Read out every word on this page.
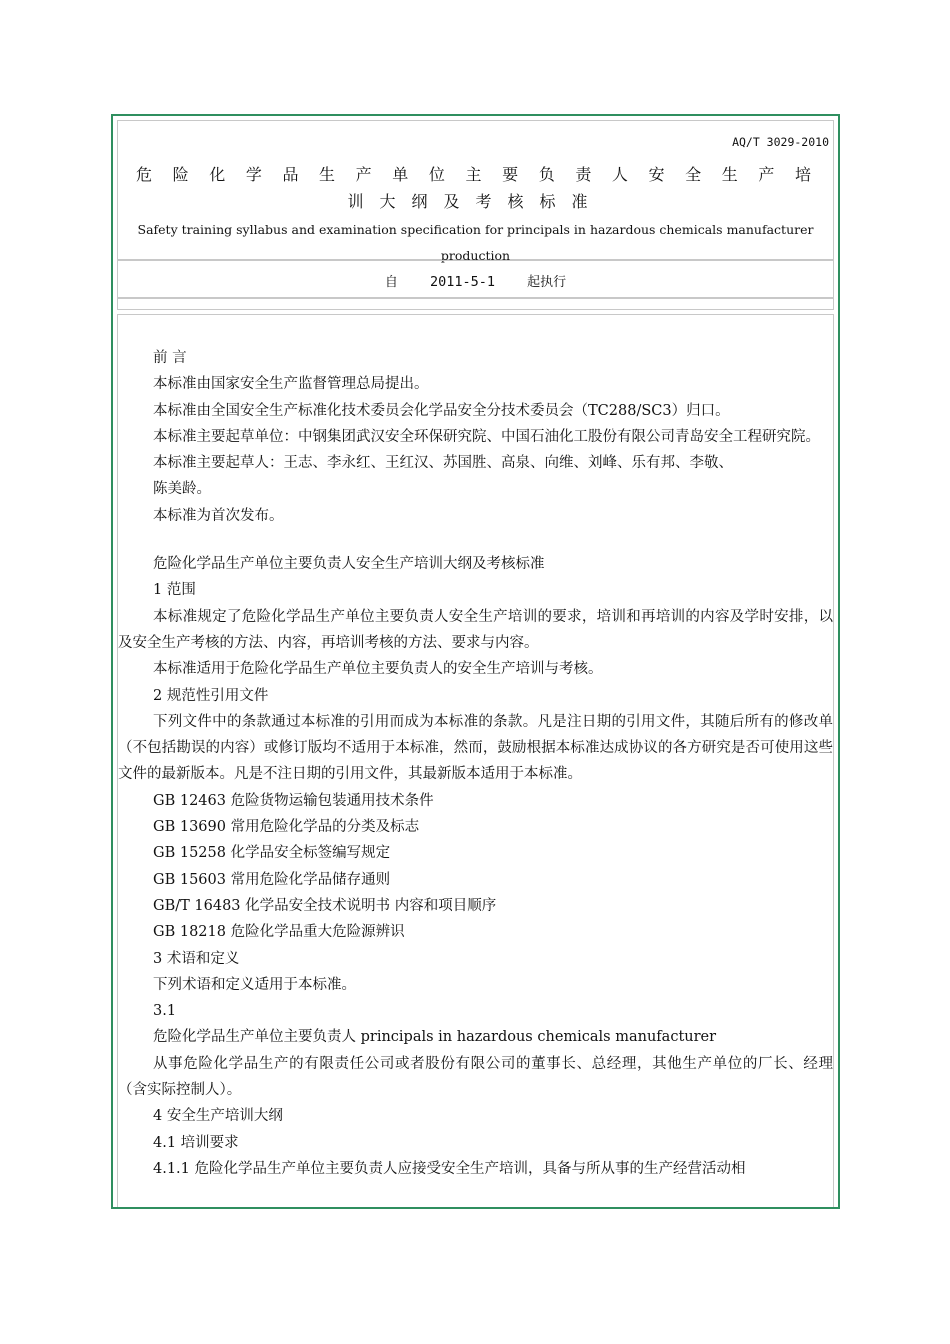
AQ/T 3029-2010
危险化学品生产单位主要负责人安全生产培
训大纲及考核标准
Safety training syllabus and examination specification for principals in hazardous chemicals manufacturer production
自 2011-5-1 起执行
前 言
本标准由国家安全生产监督管理总局提出。
本标准由全国安全生产标准化技术委员会化学品安全分技术委员会（TC288/SC3）归口。
本标准主要起草单位：中钢集团武汉安全环保研究院、中国石油化工股份有限公司青岛安全工程研究院。
本标准主要起草人：王志、李永红、王红汉、苏国胜、高泉、向维、刘峰、乐有邦、李敬、
陈美龄。
本标准为首次发布。
危险化学品生产单位主要负责人安全生产培训大纲及考核标准
1 范围
本标准规定了危险化学品生产单位主要负责人安全生产培训的要求，培训和再培训的内容及学时安排，以及安全生产考核的方法、内容，再培训考核的方法、要求与内容。
本标准适用于危险化学品生产单位主要负责人的安全生产培训与考核。
2 规范性引用文件
下列文件中的条款通过本标准的引用而成为本标准的条款。凡是注日期的引用文件，其随后所有的修改单（不包括勘误的内容）或修订版均不适用于本标准，然而，鼓励根据本标准达成协议的各方研究是否可使用这些文件的最新版本。凡是不注日期的引用文件，其最新版本适用于本标准。
GB 12463 危险货物运输包装通用技术条件
GB 13690 常用危险化学品的分类及标志
GB 15258 化学品安全标签编写规定
GB 15603 常用危险化学品储存通则
GB/T 16483 化学品安全技术说明书 内容和项目顺序
GB 18218 危险化学品重大危险源辨识
3 术语和定义
下列术语和定义适用于本标准。
3.1
危险化学品生产单位主要负责人 principals in hazardous chemicals manufacturer
从事危险化学品生产的有限责任公司或者股份有限公司的董事长、总经理，其他生产单位的厂长、经理（含实际控制人）。
4 安全生产培训大纲
4.1 培训要求
4.1.1 危险化学品生产单位主要负责人应接受安全生产培训，具备与所从事的生产经营活动相
